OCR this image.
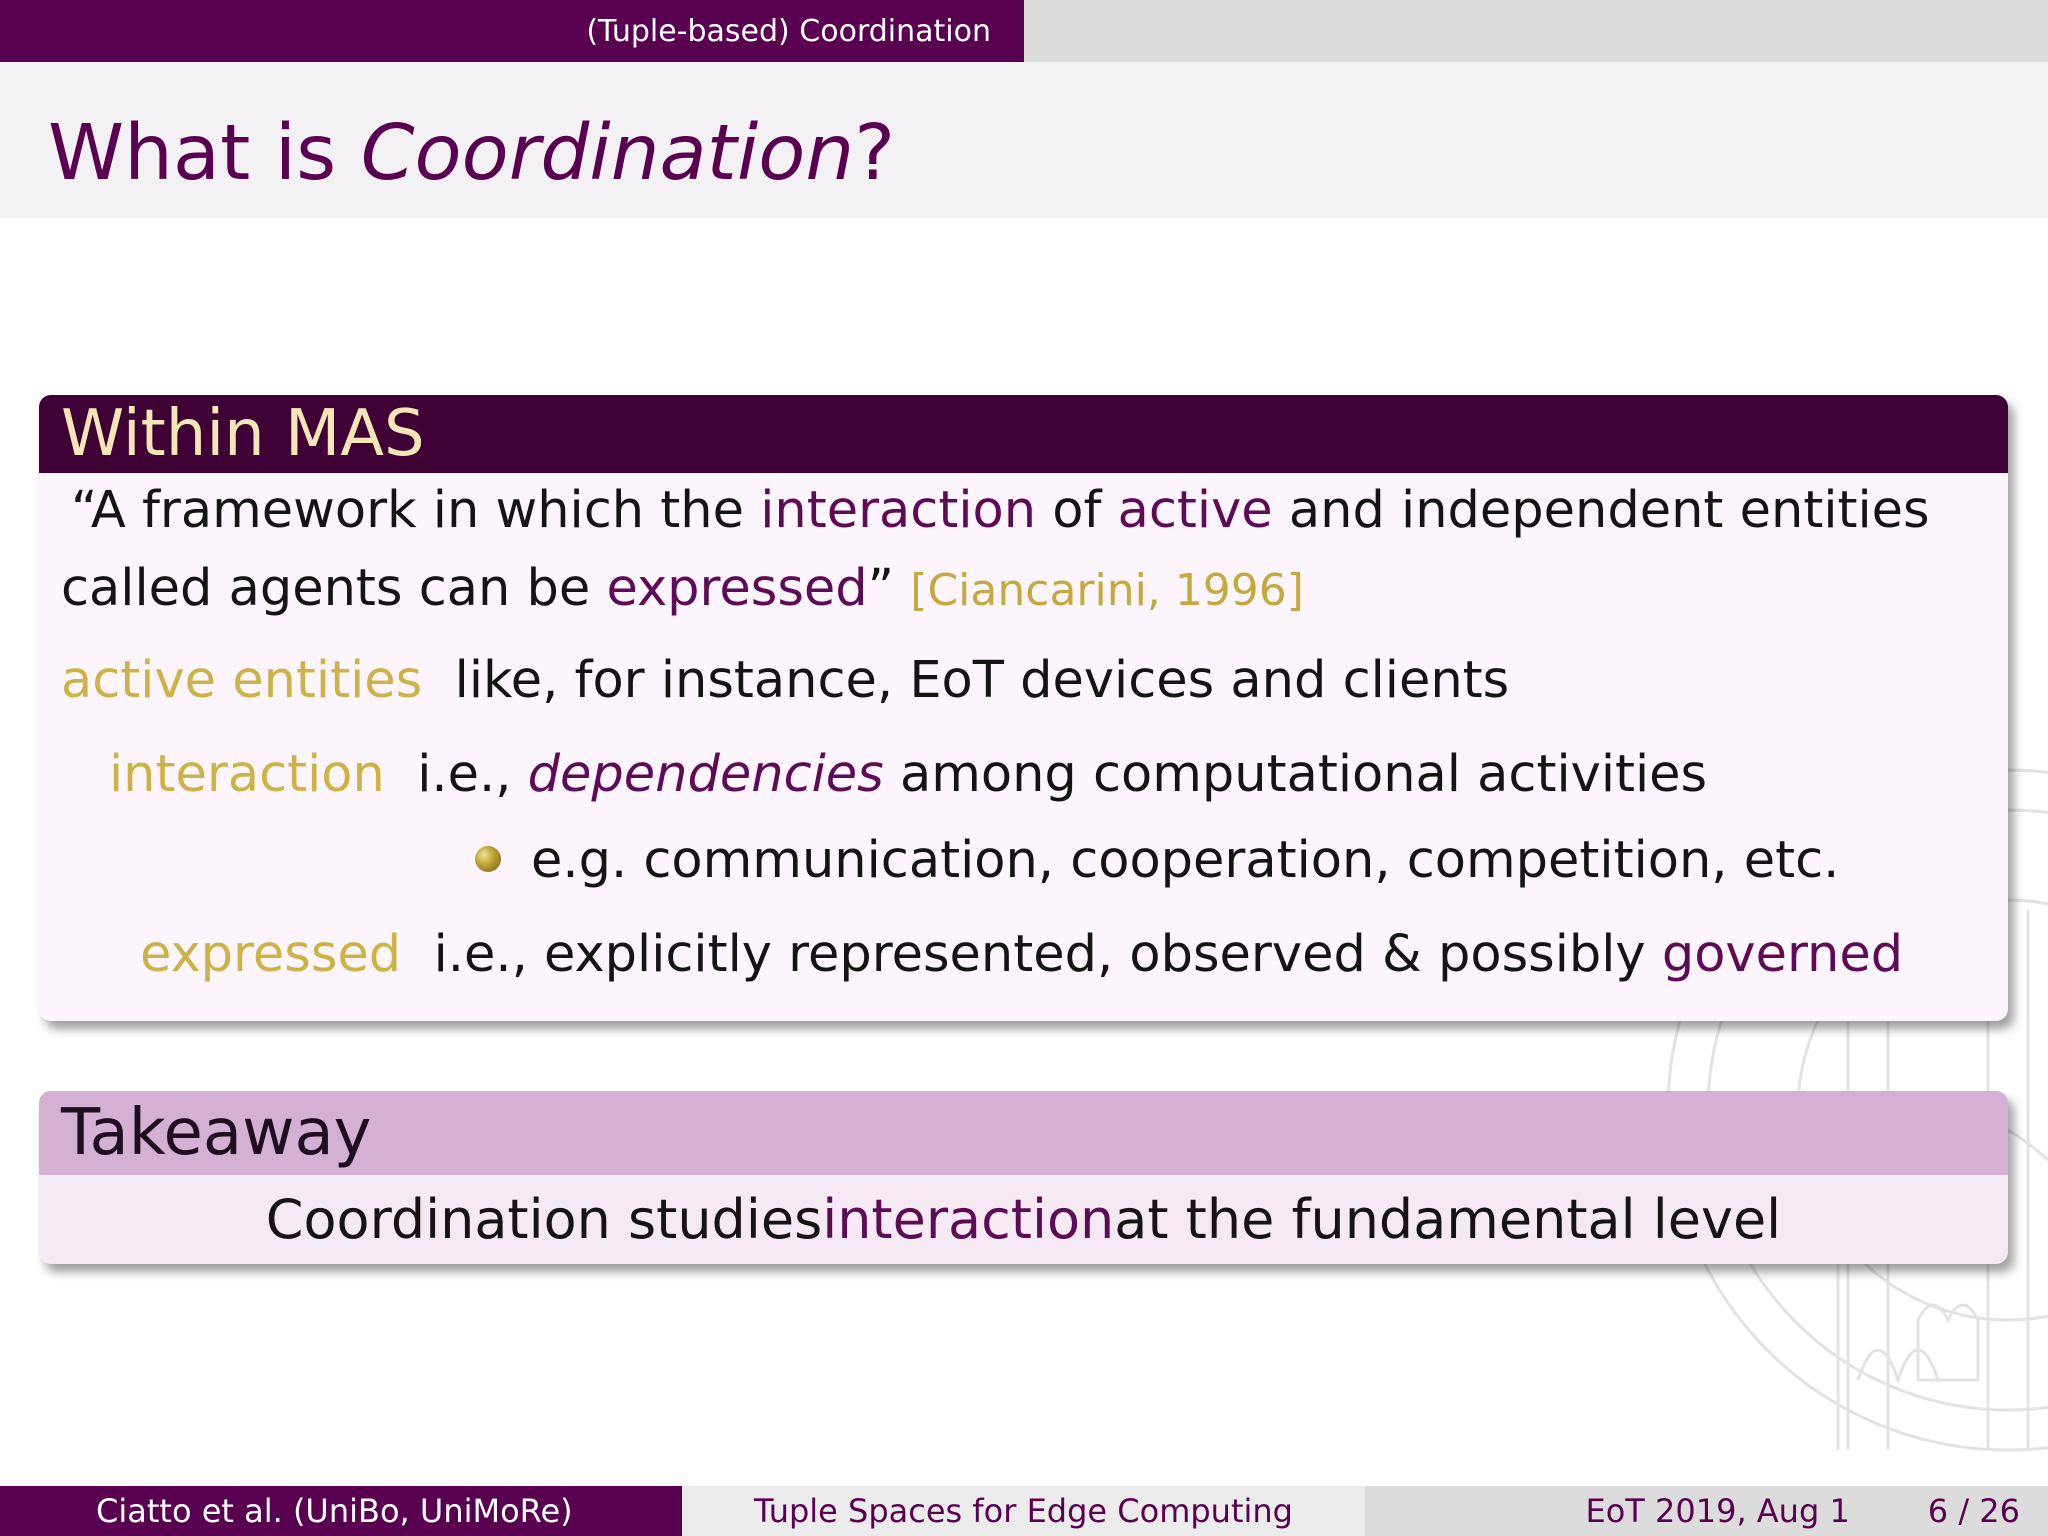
(Tuple-based) Coordination
What is Coordination?
Within MAS
“A framework in which the interaction of active and independent entities
called agents can be expressed” [Ciancarini, 1996]
active entities like, for instance, EoT devices and clients
interaction i.e., dependencies among computational activities
e.g. communication, cooperation, competition, etc.
expressed i.e., explicitly represented, observed & possibly governed
Takeaway
Coordination studies interaction at the fundamental level
Ciatto et al. (UniBo, UniMoRe)	Tuple Spaces for Edge Computing	EoT 2019, Aug 1 6 / 26
